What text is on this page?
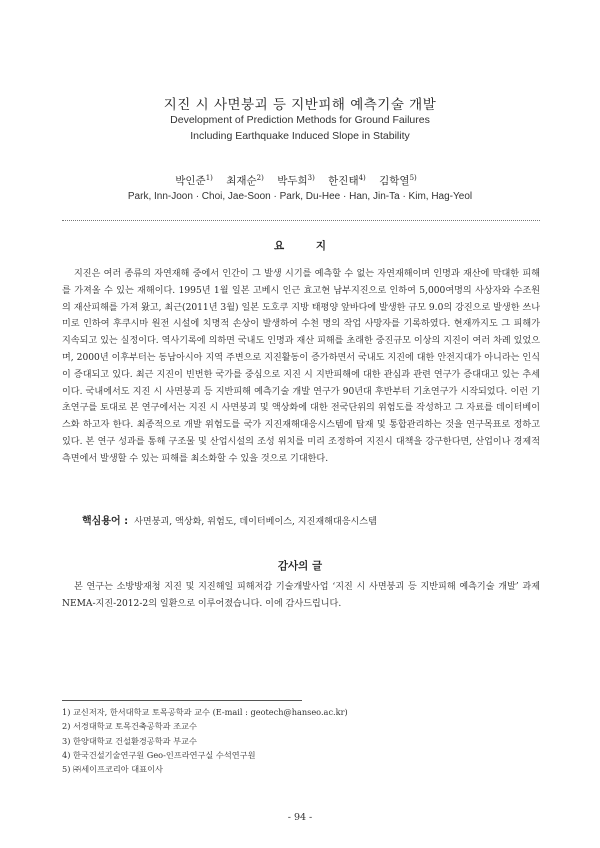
지진 시 사면붕괴 등 지반피해 예측기술 개발
Development of Prediction Methods for Ground Failures
Including Earthquake Induced Slope in Stability
박인준$^{1)}$ 최재순$^{2)}$ 박두희$^{3)}$ 한진태$^{4)}$ 김학열$^{5)}$
Park, Inn-Joon · Choi, Jae-Soon · Park, Du-Hee · Han, Jin-Ta · Kim, Hag-Yeol
요 지

지진은 여러 종류의 자연재해 중에서 인간이 그 발생 시기를 예측할 수 없는 자연재해이며 인명과 재산에 막대한 피해를 가져올 수 있는 재해이다. 1995년 1월 일본 고베시 인근 효고현 남부지진으로 인하여 5,000여명의 사상자와 수조원의 재산피해를 가져 왔고, 최근(2011년 3월) 일본 도호쿠 지방 태평양 앞바다에 발생한 규모 9.0의 강진으로 발생한 쓰나미로 인하여 후쿠시마 원전 시설에 치명적 손상이 발생하여 수천 명의 작업 사망자를 기록하였다. 현재까지도 그 피해가 지속되고 있는 실정이다. 역사기록에 의하면 국내도 인명과 재산 피해를 초래한 중진규모 이상의 지진이 여러 차례 있었으며, 2000년 이후부터는 동남아시아 지역 주변으로 지진활동이 증가하면서 국내도 지진에 대한 안전지대가 아니라는 인식이 증대되고 있다. 최근 지진이 빈번한 국가를 중심으로 지진 시 지반피해에 대한 관심과 관련 연구가 증대대고 있는 추세이다. 국내에서도 지진 시 사면붕괴 등 지반피해 예측기술 개발 연구가 90년대 후반부터 기초연구가 시작되었다. 이런 기초연구를 토대로 본 연구에서는 지진 시 사면붕괴 및 액상화에 대한 전국단위의 위험도를 작성하고 그 자료를 데이터베이스화 하고자 한다. 최종적으로 개발 위험도를 국가 지진재해대응시스템에 탑재 및 통합관리하는 것을 연구목표로 정하고 있다. 본 연구 성과를 통해 구조물 및 산업시설의 조성 위치를 미리 조정하여 지진시 대책을 강구한다면, 산업이나 경제적 측면에서 발생할 수 있는 피해를 최소화할 수 있을 것으로 기대한다.

핵심용어 : 사면붕괴, 액상화, 위험도, 데이터베이스, 지진재해대응시스템
감사의 글

본 연구는 소방방재청 지진 및 지진해일 피해저감 기술개발사업 ‘지진 시 사면붕괴 등 지반피해 예측기술 개발’ 과제NEMA-지진-2012-2의 일환으로 이루어졌습니다. 이에 감사드립니다.

1) 교신저자, 한서대학교 토목공학과 교수 (E-mail : geotech@hanseo.ac.kr)
2) 서경대학교 토목건축공학과 조교수
3) 한양대학교 건설환경공학과 부교수
4) 한국건설기술연구원 Geo-인프라연구실 수석연구원
5) ㈜세이프코리아 대표이사
- 94 -
